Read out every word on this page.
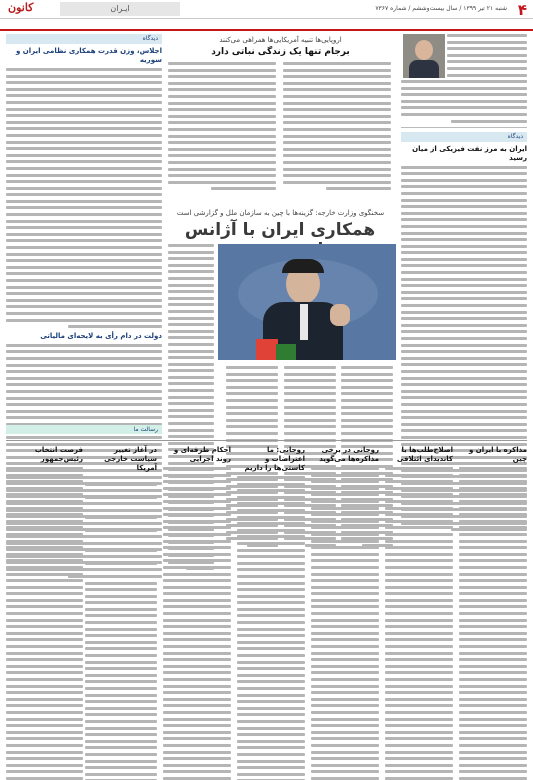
۴
شنبه ۲۱ تیر ۱۳۹۹ / سال بیست‌وششم / شماره ۷۳۶۷
ایـران
کانون
دیدگاه
ایران به مرز نفت فیزیکی از میان رسید
اروپایی‌ها تنبیه آمریکایی‌ها همراهی می‌کنند
برجام تنها یک زندگی نباتی دارد
سخنگوی وزارت خارجه: گزینه‌ها با چین به سازمان ملل و گزارشی است
همکاری ایران با آژانس
دیدگاه
اجلاس، وزن قدرت همکاری نظامی ایران و سوریه
دولت در دام رأی به لایحه‌ای مالیاتی
رسالت ما
مذاکره با ایران و چین
اصلاح‌طلب‌ها با کاندیدای ائتلافی
روحانی در برخی مذاکره‌ها می‌گوید
روحانی: ما اعتراضات و کاستی‌ها را داریم
احکام طرفه‌ای و روند اجرایی
در آغاز تغییر سیاست خارجی آمریکا
فرصت انتخاب رئیس‌جمهور
